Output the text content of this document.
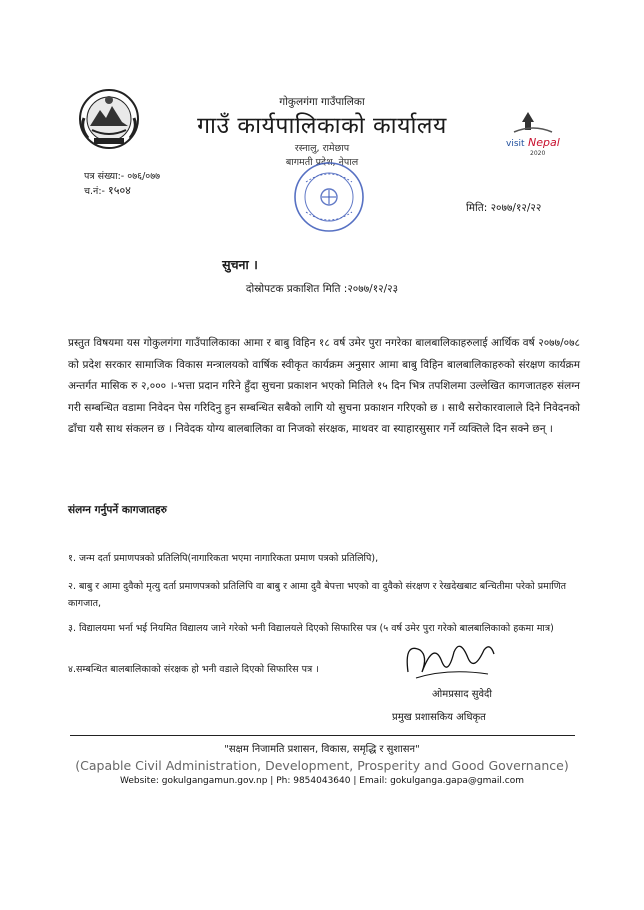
गोकुलगंगा गाउँपालिका
गाउँ कार्यपालिकाको कार्यालय
रस्नालु, रामेछाप
बागमती प्रदेश, नेपाल
visit Nepal
2020
पत्र संख्या:- ०७६/०७७
च.नं:- १५०४
मिति: २०७७/१२/२२
सुचना ।
दोस्रोपटक प्रकाशित मिति :२०७७/१२/२३
प्रस्तुत विषयमा यस गोकुलगंगा गाउँपालिकाका आमा र बाबु विहिन १८ वर्ष उमेर पुरा नगरेका बालबालिकाहरुलाई आर्थिक वर्ष २०७७/०७८ को प्रदेश सरकार सामाजिक विकास मन्त्रालयको वार्षिक स्वीकृत कार्यक्रम अनुसार आमा बाबु विहिन बालबालिकाहरुको संरक्षण कार्यक्रम अन्तर्गत मासिक रु २,००० ।-भत्ता प्रदान गरिने हुँदा सुचना प्रकाशन भएको मितिले १५ दिन भित्र तपशिलमा उल्लेखित कागजातहरु संलग्न गरी सम्बन्धित वडामा निवेदन पेस गरिदिनु हुन सम्बन्धित सबैको लागि यो सुचना प्रकाशन गरिएको छ । साथै सरोकारवालाले दिने निवेदनको ढाँचा यसै साथ संकलन छ । निवेदक योग्य बालबालिका वा निजको संरक्षक, माथवर वा स्याहारसुसार गर्ने व्यक्तिले दिन सक्ने छन् ।
संलग्न गर्नुपर्ने कागजातहरु
१. जन्म दर्ता प्रमाणपत्रको प्रतिलिपि(नागारिकता भएमा नागारिकता प्रमाण पत्रको प्रतिलिपि),
२. बाबु र आमा दुवैको मृत्यु दर्ता प्रमाणपत्रको प्रतिलिपि वा बाबु र आमा दुवै बेपत्ता भएको वा दुवैको संरक्षण र रेखदेखबाट बन्चितीमा परेको प्रमाणित कागजात,
३. विद्यालयमा भर्ना भई नियमित विद्यालय जाने गरेको भनी विद्यालयले दिएको सिफारिस पत्र (५ वर्ष उमेर पुरा गरेको बालबालिकाको हकमा मात्र)
४.सम्बन्धित बालबालिकाको संरक्षक हो भनी वडाले दिएको सिफारिस पत्र ।
ओमप्रसाद सुवेदी
प्रमुख प्रशासकिय अधिकृत
"सक्षम निजामति प्रशासन, विकास, समृद्धि र सुशासन"
(Capable Civil Administration, Development, Prosperity and Good Governance)
Website: gokulgangamun.gov.np | Ph: 9854043640 | Email: gokulganga.gapa@gmail.com
